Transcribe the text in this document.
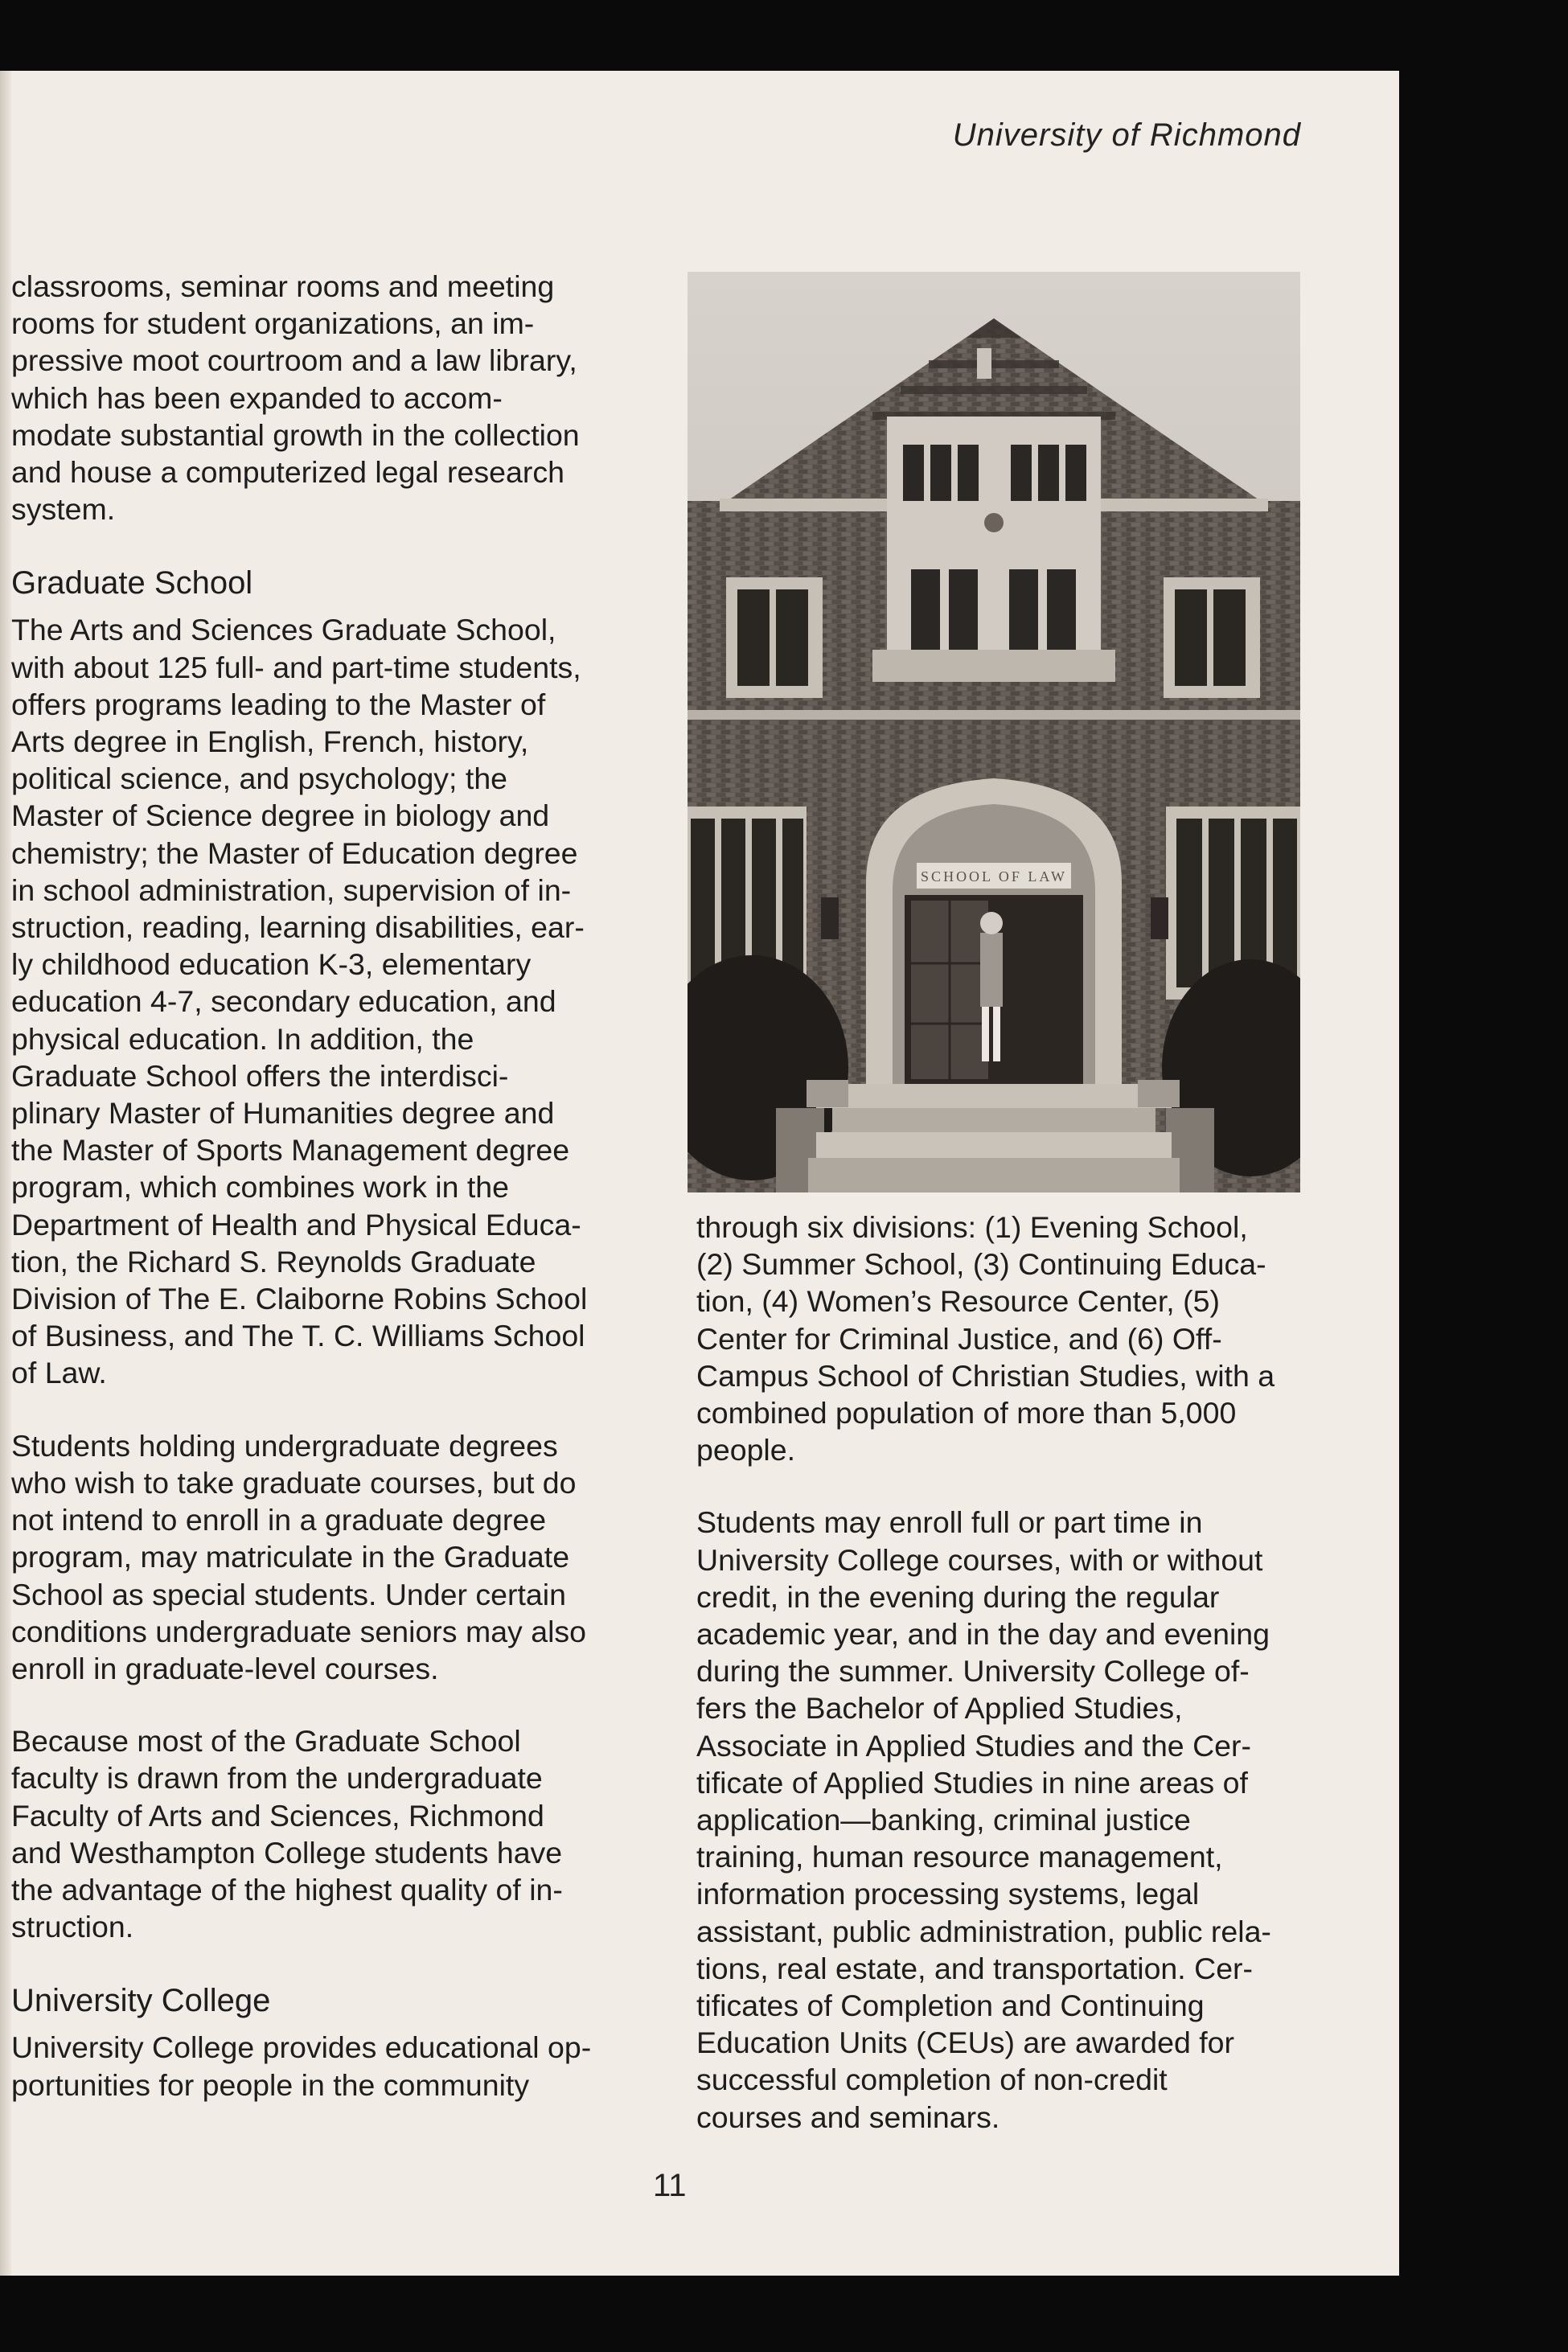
University of Richmond

classrooms, seminar rooms and meeting
rooms for student organizations, an im-
pressive moot courtroom and a law library,
which has been expanded to accom-
modate substantial growth in the collection
and house a computerized legal research
system.

Graduate School

The Arts and Sciences Graduate School,
with about 125 full- and part-time students,
offers programs leading to the Master of
Arts degree in English, French, history,
political science, and psychology; the
Master of Science degree in biology and
chemistry; the Master of Education degree
in school administration, supervision of in-
struction, reading, learning disabilities, ear-
ly childhood education K-3, elementary
education 4-7, secondary education, and
physical education. In addition, the
Graduate School offers the interdisci-
plinary Master of Humanities degree and
the Master of Sports Management degree
program, which combines work in the
Department of Health and Physical Educa-
tion, the Richard S. Reynolds Graduate
Division of The E. Claiborne Robins School
of Business, and The T. C. Williams School
of Law.

Students holding undergraduate degrees
who wish to take graduate courses, but do
not intend to enroll in a graduate degree
program, may matriculate in the Graduate
School as special students. Under certain
conditions undergraduate seniors may also
enroll in graduate-level courses.

Because most of the Graduate School
faculty is drawn from the undergraduate
Faculty of Arts and Sciences, Richmond
and Westhampton College students have
the advantage of the highest quality of in-
struction.

University College

University College provides educational op-
portunities for people in the community

SCHOOL OF LAW

through six divisions: (1) Evening School,
(2) Summer School, (3) Continuing Educa-
tion, (4) Women’s Resource Center, (5)
Center for Criminal Justice, and (6) Off-
Campus School of Christian Studies, with a
combined population of more than 5,000
people.

Students may enroll full or part time in
University College courses, with or without
credit, in the evening during the regular
academic year, and in the day and evening
during the summer. University College of-
fers the Bachelor of Applied Studies,
Associate in Applied Studies and the Cer-
tificate of Applied Studies in nine areas of
application—banking, criminal justice
training, human resource management,
information processing systems, legal
assistant, public administration, public rela-
tions, real estate, and transportation. Cer-
tificates of Completion and Continuing
Education Units (CEUs) are awarded for
successful completion of non-credit
courses and seminars.

11
